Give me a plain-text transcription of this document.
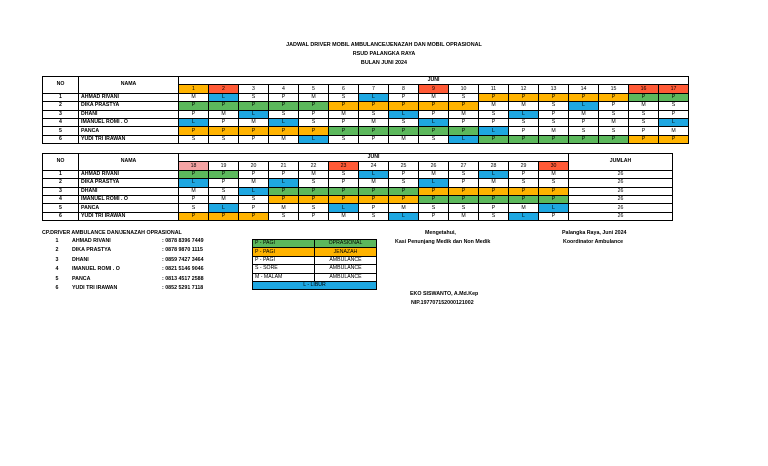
JADWAL DRIVER MOBIL AMBULANCE/JENAZAH DAN MOBIL OPRASIONAL
RSUD PALANGKA RAYA
BULAN JUNI 2024
NO	NAMA	JUNI																
		1	2	3	4	5	6	7	8	9	10	11	12	13	14	15	16	17
1	AHMAD RIVANI	M	L	S	P	M	S	L	P	M	S	P	P	P	P	P	P	P
2	DIKA PRASTYA	P	P	P	P	P	P	P	P	P	P	M	M	S	L	P	M	S
3	DHANI	P	M	L	S	P	M	S	L	P	M	S	L	P	M	S	S	P
4	IMANUEL ROMI . O	L	P	M	L	S	P	M	S	L	P	P	S	S	P	M	S	L
5	PANCA	P	P	P	P	P	P	P	P	P	P	L	P	M	S	S	P	M
6	YUDI TRI IRAWAN	S	S	P	M	L	S	P	M	S	L	P	P	P	P	P	P	P
NO	NAMA	JUNI													JUMLAH
		18	19	20	21	22	23	24	25	26	27	28	29	30	
1	AHMAD RIVANI	P	P	P	P	M	S	L	P	M	S	L	P	M	26
2	DIKA PRASTYA	L	P	M	L	S	P	M	S	L	P	M	S	S	26
3	DHANI	M	S	L	P	P	P	P	P	P	P	P	P	P	26
4	IMANUEL ROMI . O	P	M	S	P	P	P	P	P	P	P	P	P	P	26
5	PANCA	S	L	P	M	S	L	P	M	S	S	P	M	L	26
6	YUDI TRI IRAWAN	P	P	P	S	P	M	S	L	P	M	S	L	P	26
CP.DRIVER AMBULANCE DAN/JENAZAH OPRASIONAL
1	AHMAD RIVANI	: 0878 8396 7449
2	DIKA PRASTYA	: 0878 9870 1115
3	DHANI	: 0859 7427 3464
4	IMANUEL ROMI . O	: 0821 5146 9046
5	PANCA	: 0813 4517 2588
6	YUDI TRI IRAWAN	: 0852 5291 7118
P - PAGI	OPRASIONAL
P - PAGI	JENAZAH
P - PAGI	AMBULANCE
S - SORE	AMBULANCE
M - MALAM	AMBULANCE
L - LIBUR	
Mengetahui,
Kasi Penunjang Medik dan Non Medik
EKO SISWANTO, A.Md.Kep
NIP.197707152000121002
Palangka Raya, Juni 2024
Koordinator Ambulance
